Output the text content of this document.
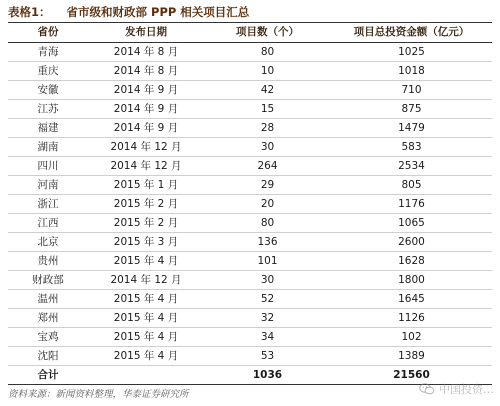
表格1： 省市级和财政部 PPP 相关项目汇总
省份	发布日期	项目数（个）	项目总投资金额（亿元）
青海	2014 年 8 月	80	1025
重庆	2014 年 8 月	10	1018
安徽	2014 年 9 月	42	710
江苏	2014 年 9 月	15	875
福建	2014 年 9 月	28	1479
湖南	2014 年 12 月	30	583
四川	2014 年 12 月	264	2534
河南	2015 年 1 月	29	805
浙江	2015 年 2 月	20	1176
江西	2015 年 2 月	80	1065
北京	2015 年 3 月	136	2600
贵州	2015 年 4 月	101	1628
财政部	2014 年 12 月	30	1800
温州	2015 年 4 月	52	1645
郑州	2015 年 4 月	32	1126
宝鸡	2015 年 4 月	34	102
沈阳	2015 年 4 月	53	1389
合计		1036	21560
资料来源：新闻资料整理，华泰证券研究所	中国投资…
